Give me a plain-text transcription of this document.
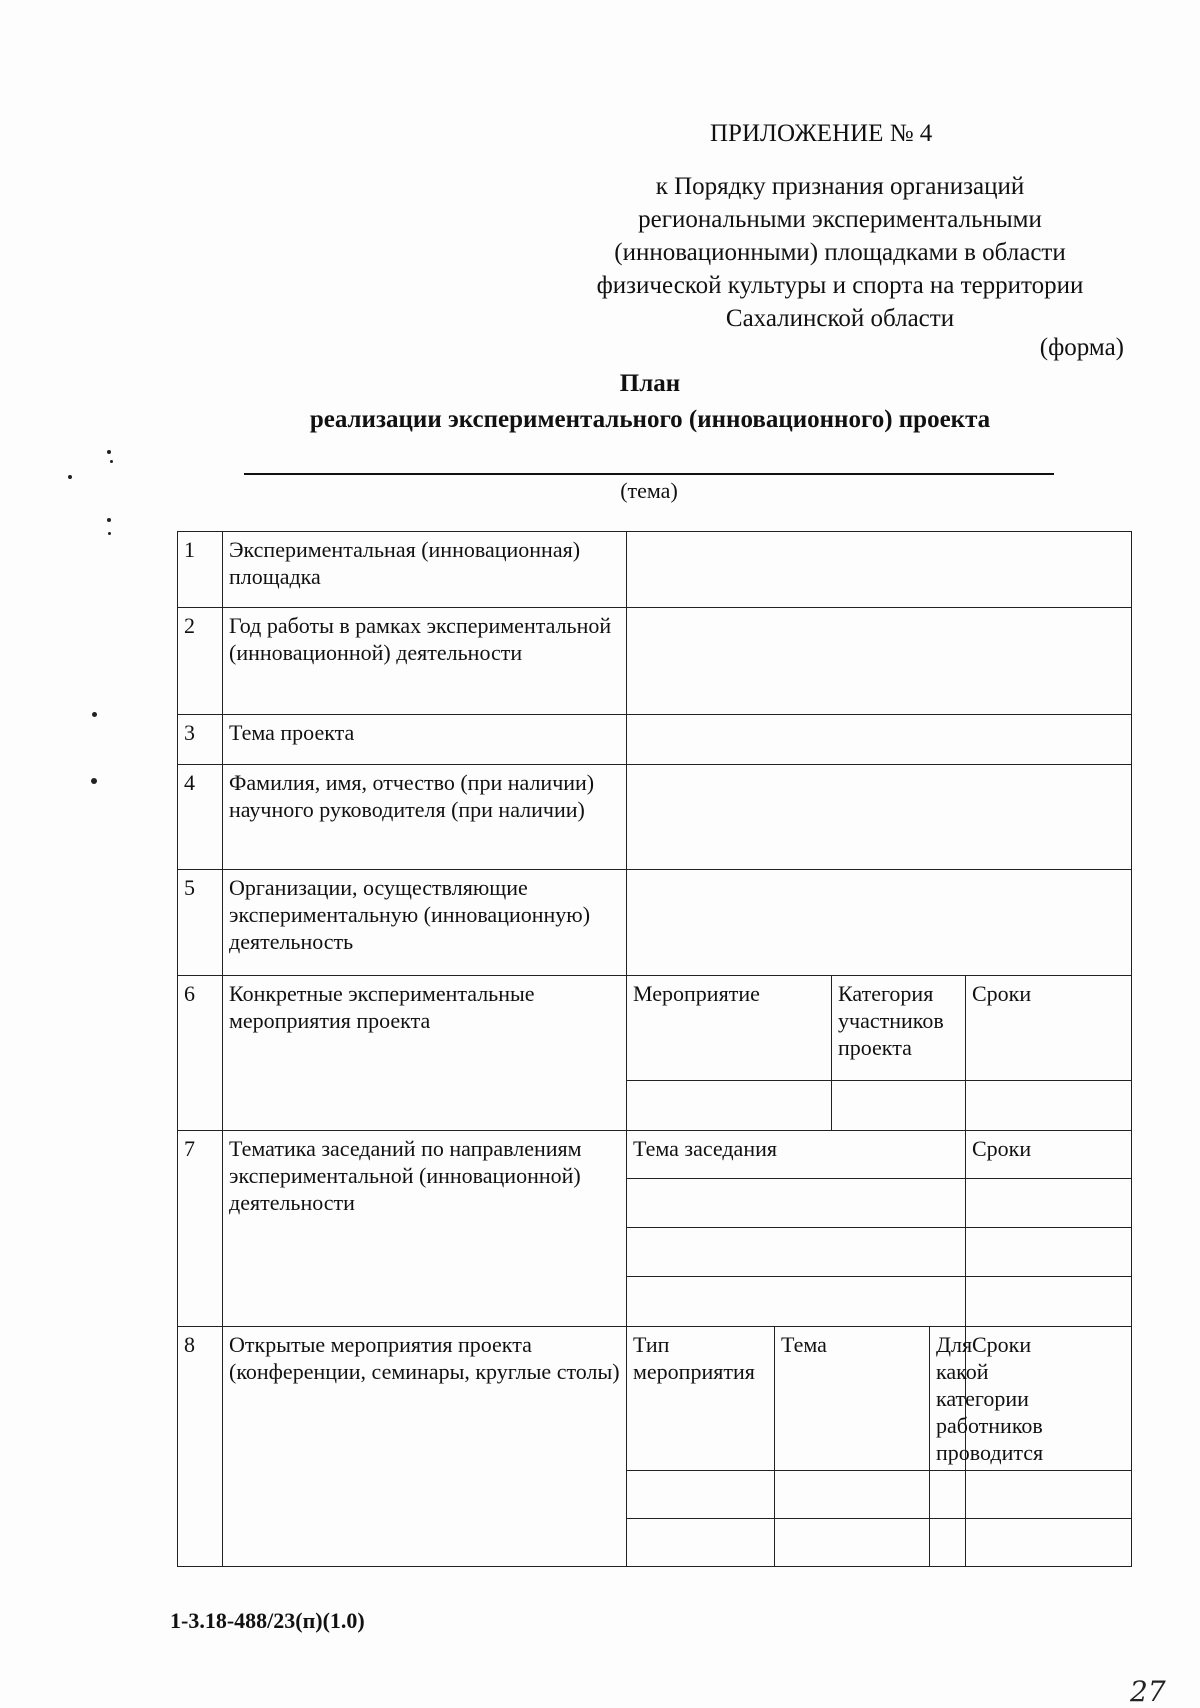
ПРИЛОЖЕНИЕ № 4
к Порядку признания организаций
региональными экспериментальными
(инновационными) площадками в области
физической культуры и спорта на территории
Сахалинской области
(форма)
План
реализации экспериментального (инновационного) проекта
(тема)
1	Экспериментальная (инновационная) площадка					
2	Год работы в рамках экспериментальной (инновационной) деятельности					
3	Тема проекта					
4	Фамилия, имя, отчество (при наличии) научного руководителя (при наличии)					
5	Организации, осуществляющие экспериментальную (инновационную) деятельность					
6	Конкретные экспериментальные мероприятия проекта	Мероприятие		Категория участников проекта		Сроки

7	Тематика заседаний по направлениям экспериментальной (инновационной) деятельности	Тема заседания				Сроки

8	Открытые мероприятия проекта (конференции, семинары, круглые столы)	Тип мероприятия	Тема		Для какой категории работников проводится	Сроки

1-3.18-488/23(п)(1.0)
27
